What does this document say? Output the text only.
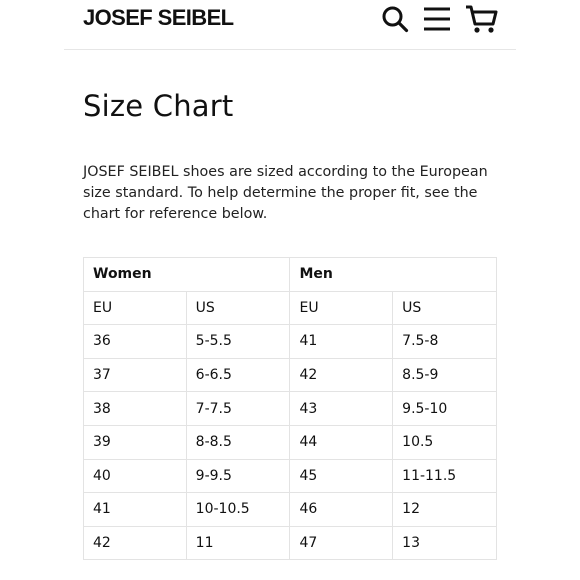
JOSEF SEIBEL
Size Chart

JOSEF SEIBEL shoes are sized according to the European size standard. To help determine the proper fit, see the chart for reference below.

Women		Men	
EU	US	EU	US
36	5-5.5	41	7.5-8
37	6-6.5	42	8.5-9
38	7-7.5	43	9.5-10
39	8-8.5	44	10.5
40	9-9.5	45	11-11.5
41	10-10.5	46	12
42	11	47	13
